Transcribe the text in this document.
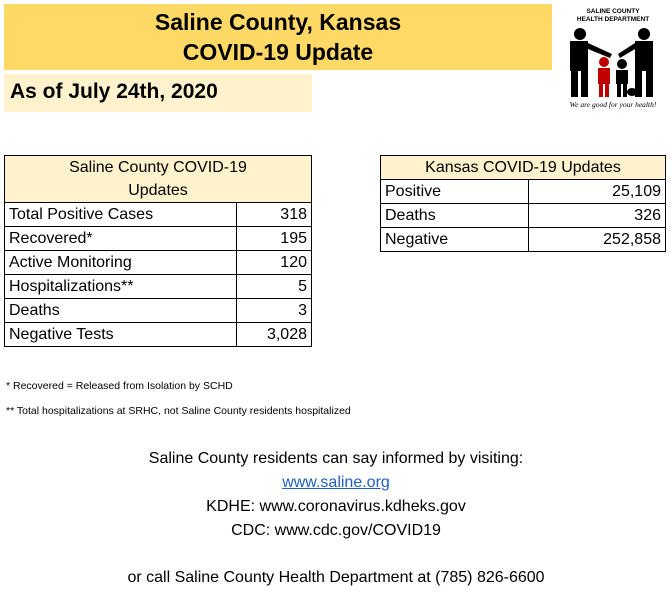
Saline County, Kansas
COVID-19 Update
As of July 24th, 2020
SALINE COUNTY
HEALTH DEPARTMENT
We are good for your health!
Saline County COVID-19
Updates	

Total Positive Cases	318
Recovered*	195
Active Monitoring	120
Hospitalizations**	5
Deaths	3
Negative Tests	3,028
Kansas COVID-19 Updates	
Positive	25,109
Deaths	326
Negative	252,858
* Recovered = Released from Isolation by SCHD
** Total hospitalizations at SRHC, not Saline County residents hospitalized
Saline County residents can say informed by visiting:
www.saline.org
KDHE: www.coronavirus.kdheks.gov
CDC: www.cdc.gov/COVID19
or call Saline County Health Department at (785) 826-6600
